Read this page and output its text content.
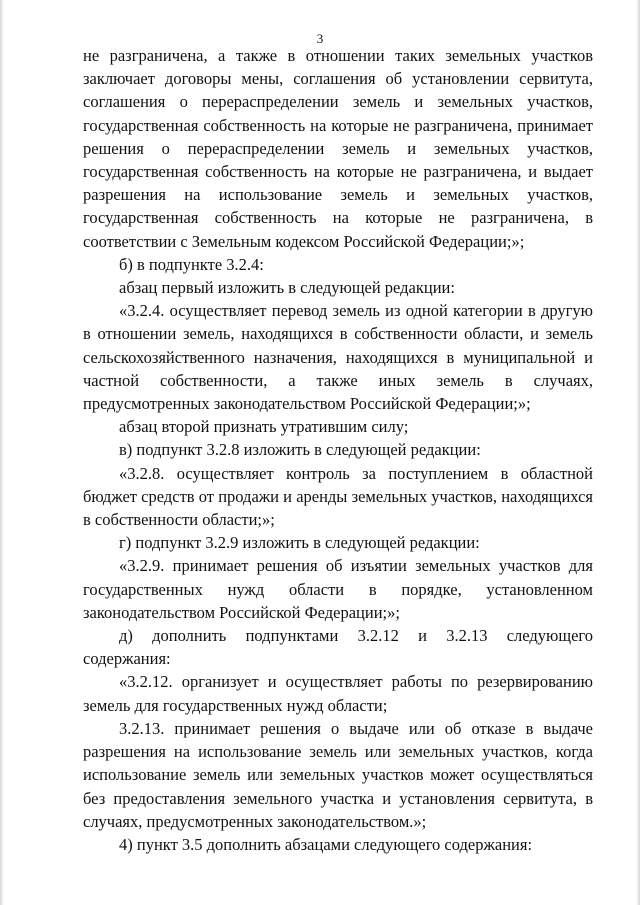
3

не разграничена, а также в отношении таких земельных участков заключает договоры мены, соглашения об установлении сервитута, соглашения о перераспределении земель и земельных участков, государственная собственность на которые не разграничена, принимает решения о перераспределении земель и земельных участков, государственная собственность на которые не разграничена, и выдает разрешения на использование земель и земельных участков, государственная собственность на которые не разграничена, в соответствии с Земельным кодексом Российской Федерации;»;

б) в подпункте 3.2.4:

абзац первый изложить в следующей редакции:

«3.2.4. осуществляет перевод земель из одной категории в другую в отношении земель, находящихся в собственности области, и земель сельскохозяйственного назначения, находящихся в муниципальной и частной собственности, а также иных земель в случаях, предусмотренных законодательством Российской Федерации;»;

абзац второй признать утратившим силу;

в) подпункт 3.2.8 изложить в следующей редакции:

«3.2.8. осуществляет контроль за поступлением в областной бюджет средств от продажи и аренды земельных участков, находящихся в собственности области;»;

г) подпункт 3.2.9 изложить в следующей редакции:

«3.2.9. принимает решения об изъятии земельных участков для государственных нужд области в порядке, установленном законодательством Российской Федерации;»;

д) дополнить подпунктами 3.2.12 и 3.2.13 следующего содержания:

«3.2.12. организует и осуществляет работы по резервированию земель для государственных нужд области;

3.2.13. принимает решения о выдаче или об отказе в выдаче разрешения на использование земель или земельных участков, когда использование земель или земельных участков может осуществляться без предоставления земельного участка и установления сервитута, в случаях, предусмотренных законодательством.»;

4) пункт 3.5 дополнить абзацами следующего содержания:
